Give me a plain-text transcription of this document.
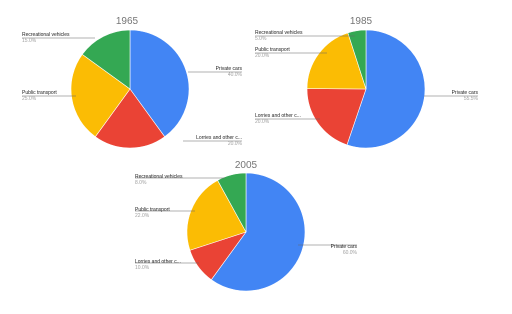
1965
Private cars
40.0%
Lorries and other c...
20.0%
Public transport
25.0%
Recreational vehicles
15.0%
1985
Private cars
55.5%
Lorries and other c...
20.0%
Public transport
20.0%
Recreational vehicles
5.0%
2005
Private cars
60.0%
Lorries and other c...
10.0%
Public transport
22.0%
Recreational vehicles
8.0%
